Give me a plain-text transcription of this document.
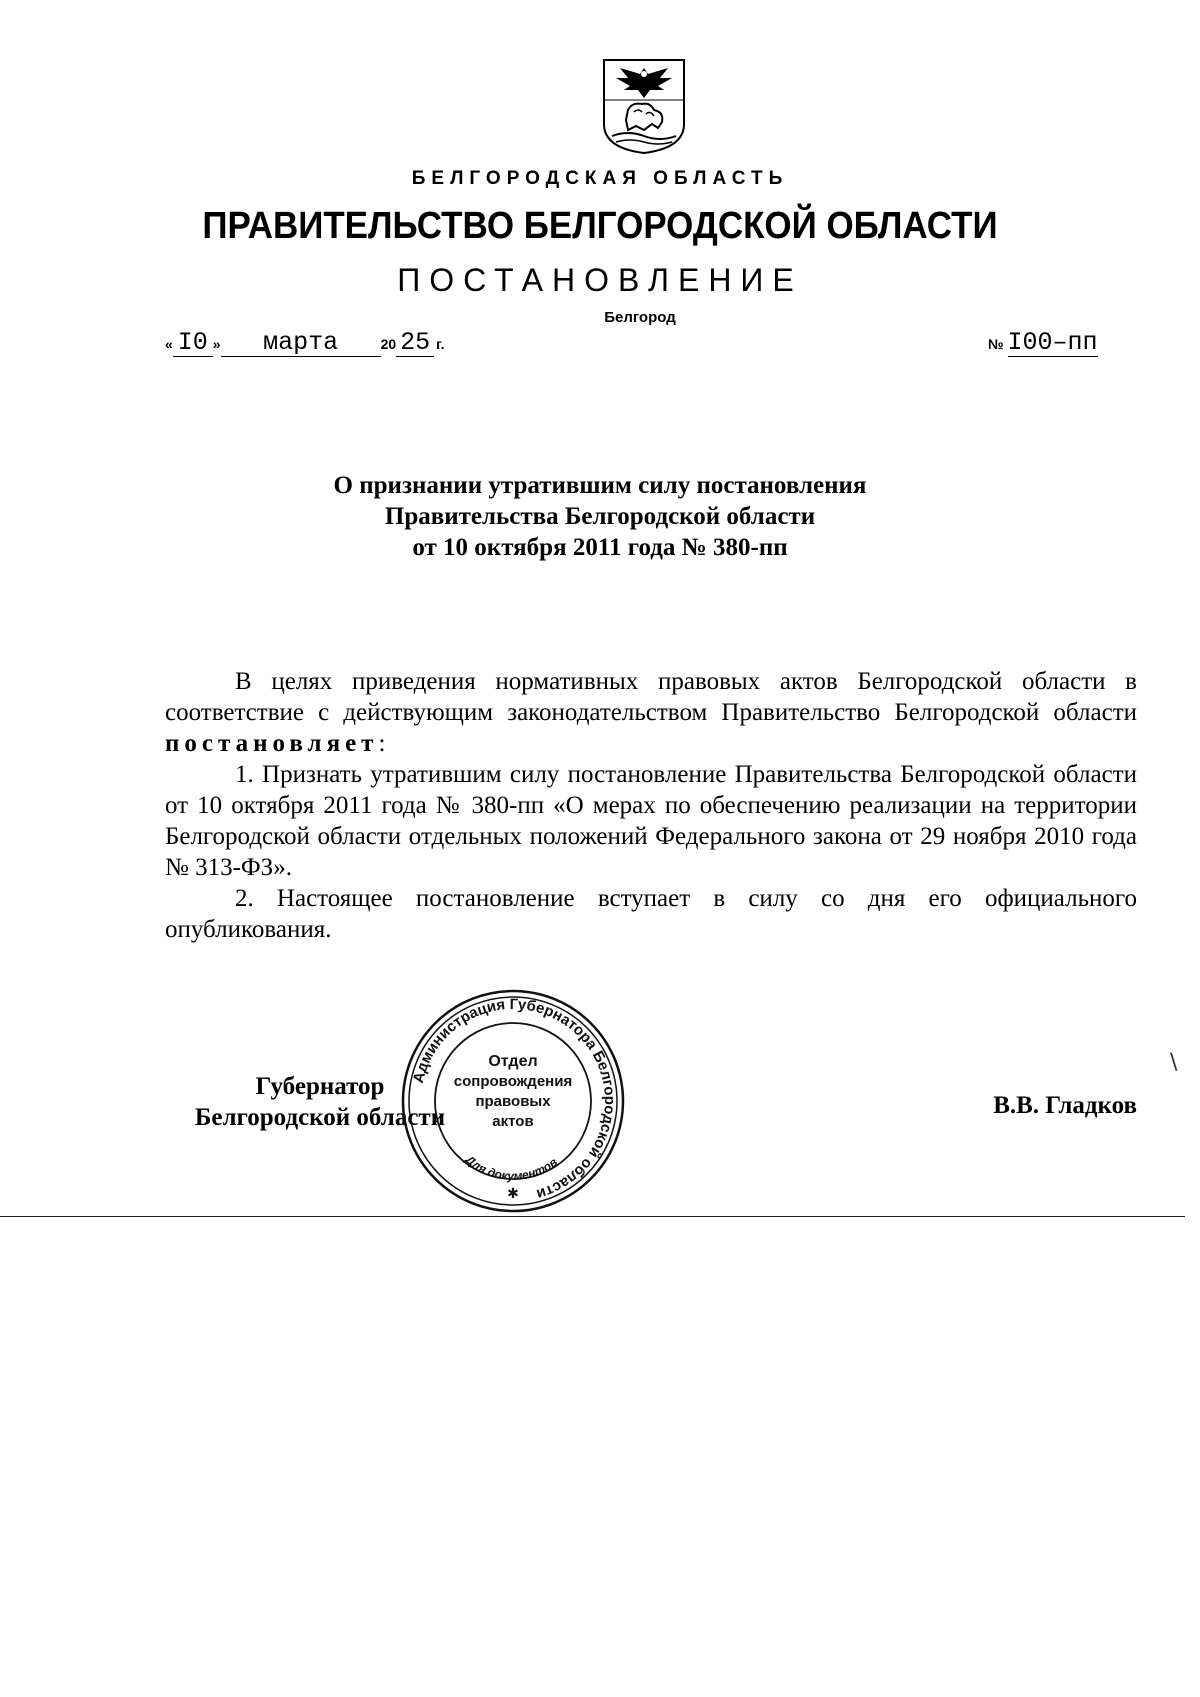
БЕЛГОРОДСКАЯ ОБЛАСТЬ
ПРАВИТЕЛЬСТВО БЕЛГОРОДСКОЙ ОБЛАСТИ
ПОСТАНОВЛЕНИЕ
Белгород
« I0 » марта	20 25 г.	№ I00–пп
О признании утратившим силу постановления
Правительства Белгородской области
от 10 октября 2011 года № 380-пп

В целях приведения нормативных правовых актов Белгородской области в соответствие с действующим законодательством Правительство Белгородской области постановляет:

1. Признать утратившим силу постановление Правительства Белгородской области от 10 октября 2011 года № 380-пп «О мерах по обеспечению реализации на территории Белгородской области отдельных положений Федерального закона от 29 ноября 2010 года № 313-ФЗ».

2. Настоящее постановление вступает в силу со дня его официального опубликования.

Губернатор
Белгородской области	В.В. Гладков
Администрация Губернатора Белгородской области
Отдел
сопровождения
правовых
актов
Для документов
✱
\
